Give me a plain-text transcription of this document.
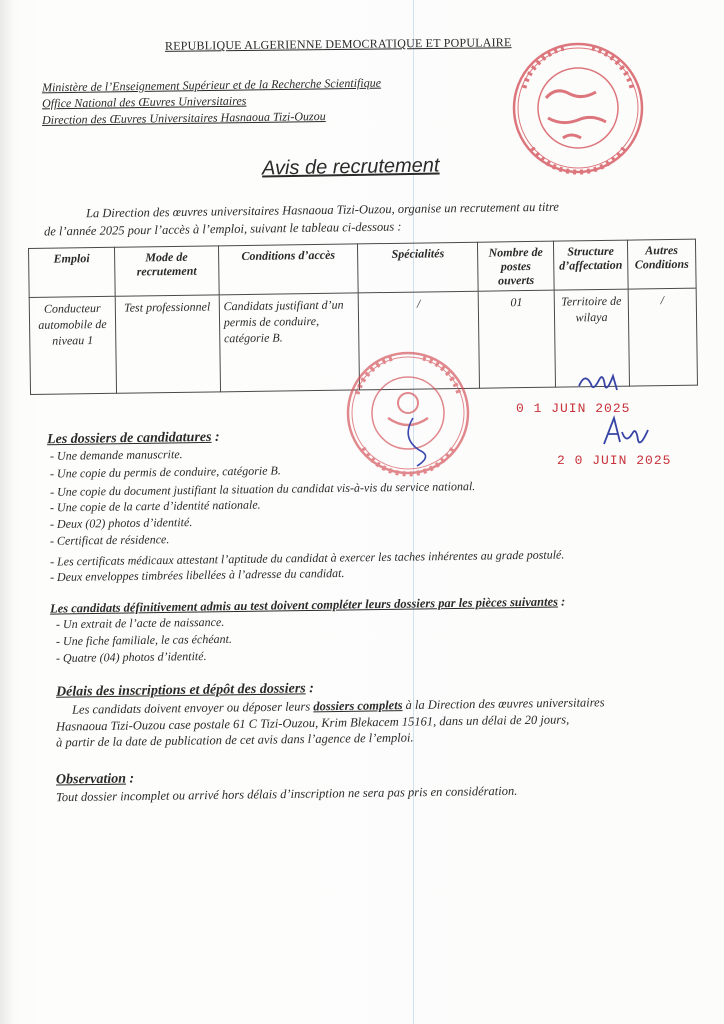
REPUBLIQUE ALGERIENNE DEMOCRATIQUE ET POPULAIRE
Ministère de l’Enseignement Supérieur et de la Recherche Scientifique
Office National des Œuvres Universitaires
Direction des Œuvres Universitaires Hasnaoua Tizi-Ouzou
Avis de recrutement
La Direction des œuvres universitaires Hasnaoua Tizi-Ouzou, organise un recrutement au titre
de l’année 2025 pour l’accès à l’emploi, suivant le tableau ci-dessous :
Emploi	Mode de recrutement	Conditions d’accès	Spécialités	Nombre de postes ouverts	Structure d’affectation	Autres Conditions
Conducteur automobile de niveau 1	Test professionnel	Candidats justifiant d’un permis de conduire, catégorie B.	/	01	Territoire de wilaya	/
0 1 JUIN 2025
2 0 JUIN 2025
Les dossiers de candidatures :
- Une demande manuscrite.
- Une copie du permis de conduire, catégorie B.
- Une copie du document justifiant la situation du candidat vis-à-vis du service national.
- Une copie de la carte d’identité nationale.
- Deux (02) photos d’identité.
- Certificat de résidence.
- Les certificats médicaux attestant l’aptitude du candidat à exercer les taches inhérentes au grade postulé.
- Deux enveloppes timbrées libellées à l’adresse du candidat.
Les candidats définitivement admis au test doivent compléter leurs dossiers par les pièces suivantes :
- Un extrait de l’acte de naissance.
- Une fiche familiale, le cas échéant.
- Quatre (04) photos d’identité.
Délais des inscriptions et dépôt des dossiers :
Les candidats doivent envoyer ou déposer leurs dossiers complets à la Direction des œuvres universitaires
Hasnaoua Tizi-Ouzou case postale 61 C Tizi-Ouzou, Krim Blekacem 15161, dans un délai de 20 jours,
à partir de la date de publication de cet avis dans l’agence de l’emploi.
Observation :
Tout dossier incomplet ou arrivé hors délais d’inscription ne sera pas pris en considération.
